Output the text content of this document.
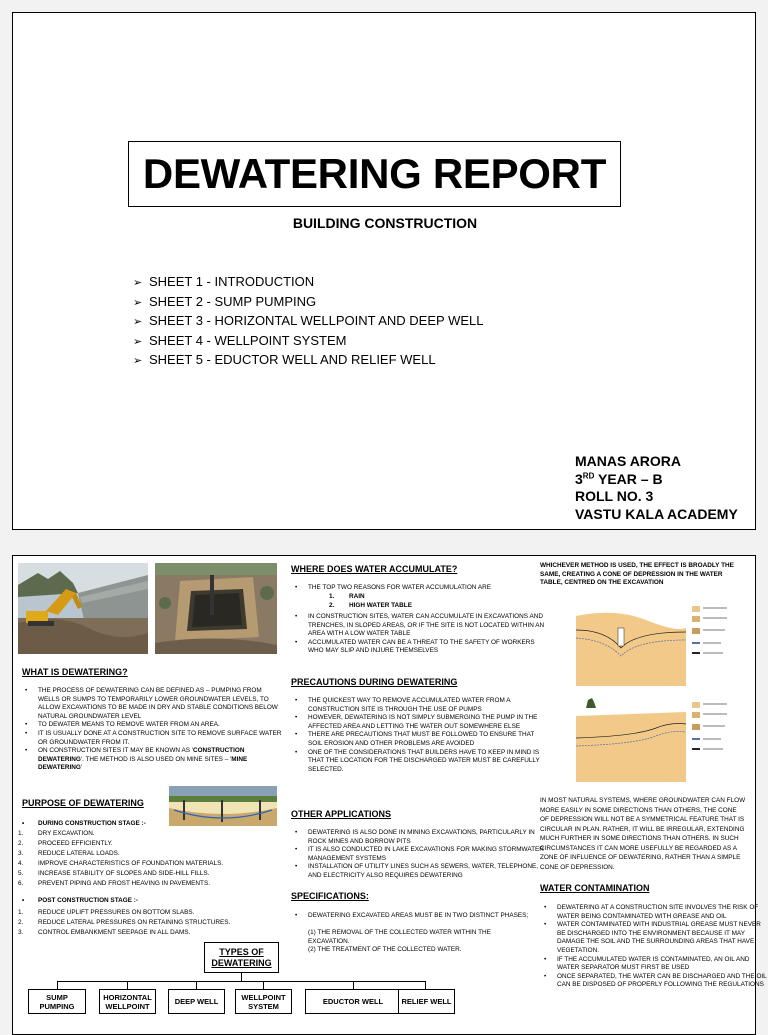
DEWATERING REPORT
BUILDING CONSTRUCTION
➢ SHEET 1 - INTRODUCTION
➢ SHEET 2 - SUMP PUMPING
➢ SHEET 3 - HORIZONTAL WELLPOINT AND DEEP WELL
➢ SHEET 4 - WELLPOINT SYSTEM
➢ SHEET 5 - EDUCTOR WELL AND RELIEF WELL
MANAS ARORA
3RD YEAR – B
ROLL NO. 3
VASTU KALA ACADEMY
WHAT IS DEWATERING?
• THE PROCESS OF DEWATERING CAN BE DEFINED AS – PUMPING FROM WELLS OR SUMPS TO TEMPORARILY LOWER GROUNDWATER LEVELS, TO ALLOW EXCAVATIONS TO BE MADE IN DRY AND STABLE CONDITIONS BELOW NATURAL GROUNDWATER LEVEL
• TO DEWATER MEANS TO REMOVE WATER FROM AN AREA.
• IT IS USUALLY DONE AT A CONSTRUCTION SITE TO REMOVE SURFACE WATER OR GROUNDWATER FROM IT.
• ON CONSTRUCTION SITES IT MAY BE KNOWN AS 'CONSTRUCTION DEWATERING'. THE METHOD IS ALSO USED ON MINE SITES – 'MINE DEWATERING'
PURPOSE OF DEWATERING
• DURING CONSTRUCTION STAGE :-
1. DRY EXCAVATION.
2. PROCEED EFFICIENTLY.
3. REDUCE LATERAL LOADS.
4. IMPROVE CHARACTERISTICS OF FOUNDATION MATERIALS.
5. INCREASE STABILITY OF SLOPES AND SIDE-HILL FILLS.
6. PREVENT PIPING AND FROST HEAVING IN PAVEMENTS.
• POST CONSTRUCTION STAGE :-
1. REDUCE UPLIFT PRESSURES ON BOTTOM SLABS.
2. REDUCE LATERAL PRESSURES ON RETAINING STRUCTURES.
3. CONTROL EMBANKMENT SEEPAGE IN ALL DAMS.
TYPES OF DEWATERING
SUMP PUMPING
HORIZONTAL WELLPOINT	DEEP WELL	WELLPOINT SYSTEM	EDUCTOR WELL	RELIEF WELL
WHERE DOES WATER ACCUMULATE?
• THE TOP TWO REASONS FOR WATER ACCUMULATION ARE
1. RAIN
2. HIGH WATER TABLE
• IN CONSTRUCTION SITES, WATER CAN ACCUMULATE IN EXCAVATIONS AND TRENCHES, IN SLOPED AREAS, OR IF THE SITE IS NOT LOCATED WITHIN AN AREA WITH A LOW WATER TABLE
• ACCUMULATED WATER CAN BE A THREAT TO THE SAFETY OF WORKERS WHO MAY SLIP AND INJURE THEMSELVES
PRECAUTIONS DURING DEWATERING
• THE QUICKEST WAY TO REMOVE ACCUMULATED WATER FROM A CONSTRUCTION SITE IS THROUGH THE USE OF PUMPS
• HOWEVER, DEWATERING IS NOT SIMPLY SUBMERGING THE PUMP IN THE AFFECTED AREA AND LETTING THE WATER OUT SOMEWHERE ELSE
• THERE ARE PRECAUTIONS THAT MUST BE FOLLOWED TO ENSURE THAT SOIL EROSION AND OTHER PROBLEMS ARE AVOIDED
• ONE OF THE CONSIDERATIONS THAT BUILDERS HAVE TO KEEP IN MIND IS THAT THE LOCATION FOR THE DISCHARGED WATER MUST BE CAREFULLY SELECTED.
OTHER APPLICATIONS
• DEWATERING IS ALSO DONE IN MINING EXCAVATIONS, PARTICULARLY IN ROCK MINES AND BORROW PITS
• IT IS ALSO CONDUCTED IN LAKE EXCAVATIONS FOR MAKING STORMWATER MANAGEMENT SYSTEMS
• INSTALLATION OF UTILITY LINES SUCH AS SEWERS, WATER, TELEPHONE, AND ELECTRICITY ALSO REQUIRES DEWATERING
SPECIFICATIONS:
• DEWATERING EXCAVATED AREAS MUST BE IN TWO DISTINCT PHASES;
(1) THE REMOVAL OF THE COLLECTED WATER WITHIN THE EXCAVATION.
(2) THE TREATMENT OF THE COLLECTED WATER.
WHICHEVER METHOD IS USED, THE EFFECT IS BROADLY THE SAME, CREATING A CONE OF DEPRESSION IN THE WATER TABLE, CENTRED ON THE EXCAVATION
IN MOST NATURAL SYSTEMS, WHERE GROUNDWATER CAN FLOW MORE EASILY IN SOME DIRECTIONS THAN OTHERS, THE CONE OF DEPRESSION WILL NOT BE A SYMMETRICAL FEATURE THAT IS CIRCULAR IN PLAN. RATHER, IT WILL BE IRREGULAR, EXTENDING MUCH FURTHER IN SOME DIRECTIONS THAN OTHERS. IN SUCH CIRCUMSTANCES IT CAN MORE USEFULLY BE REGARDED AS A ZONE OF INFLUENCE OF DEWATERING, RATHER THAN A SIMPLE CONE OF DEPRESSION.
WATER CONTAMINATION
• DEWATERING AT A CONSTRUCTION SITE INVOLVES THE RISK OF WATER BEING CONTAMINATED WITH GREASE AND OIL
• WATER CONTAMINATED WITH INDUSTRIAL GREASE MUST NEVER BE DISCHARGED INTO THE ENVIRONMENT BECAUSE IT MAY DAMAGE THE SOIL AND THE SURROUNDING AREAS THAT HAVE VEGETATION.
• IF THE ACCUMULATED WATER IS CONTAMINATED, AN OIL AND WATER SEPARATOR MUST FIRST BE USED
• ONCE SEPARATED, THE WATER CAN BE DISCHARGED AND THE OIL CAN BE DISPOSED OF PROPERLY FOLLOWING THE REGULATIONS
